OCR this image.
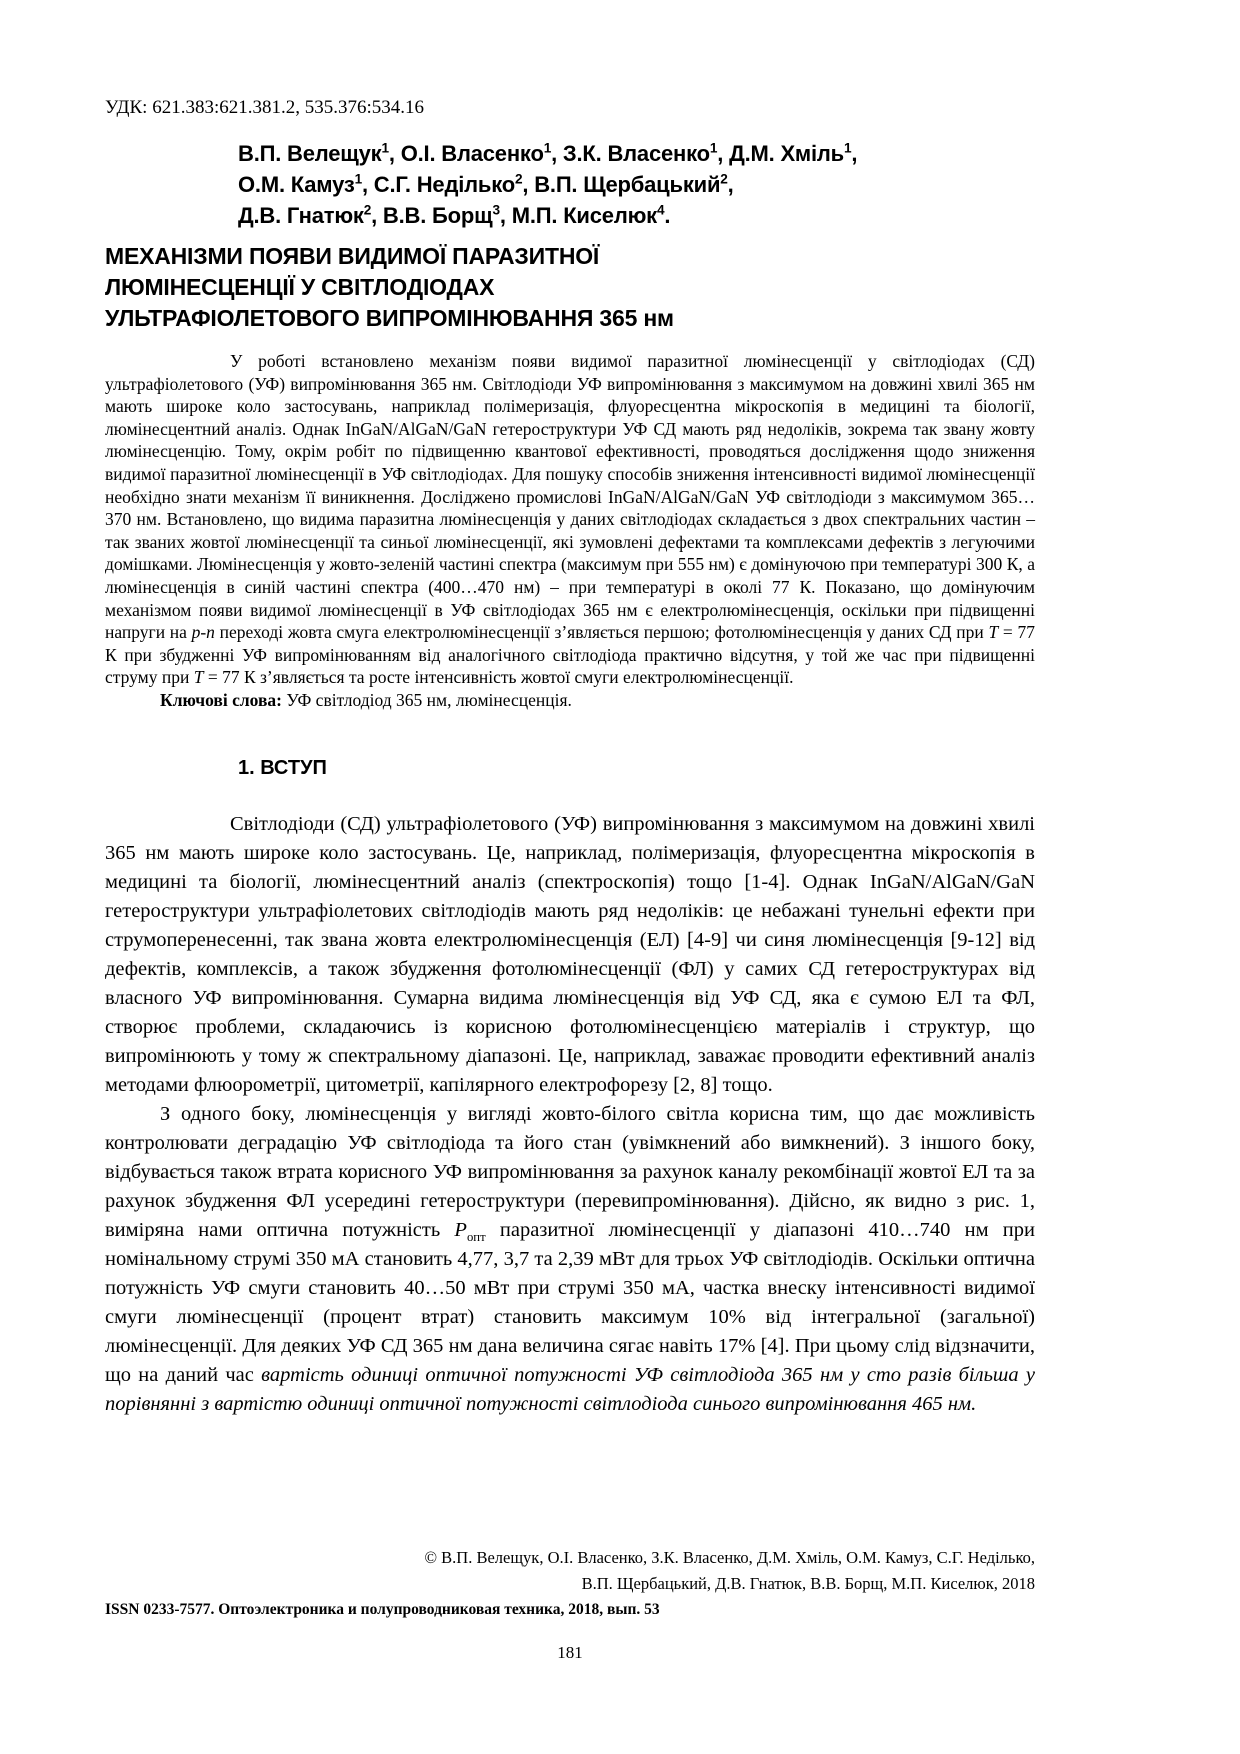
УДК: 621.383:621.381.2, 535.376:534.16

В.П. Велещук$^1$, О.І. Власенко$^1$, З.К. Власенко$^1$, Д.М. Хміль$^1$,

О.М. Камуз$^1$, С.Г. Неділько$^2$, В.П. Щербацький$^2$,

Д.В. Гнатюк$^2$, В.В. Борщ$^3$, М.П. Киселюк$^4$.

МЕХАНІЗМИ ПОЯВИ ВИДИМОЇ ПАРАЗИТНОЇ
ЛЮМІНЕСЦЕНЦІЇ У СВІТЛОДІОДАХ
УЛЬТРАФІОЛЕТОВОГО ВИПРОМІНЮВАННЯ 365 нм

У роботі встановлено механізм появи видимої паразитної люмінесценції у світлодіодах (СД) ультрафіолетового (УФ) випромінювання 365 нм. Світлодіоди УФ випромінювання з максимумом на довжині хвилі 365 нм мають широке коло застосувань, наприклад полімеризація, флуоресцентна мікроскопія в медицині та біології, люмінесцентний аналіз. Однак InGaN/AlGaN/GaN гетероструктури УФ СД мають ряд недоліків, зокрема так звану жовту люмінесценцію. Тому, окрім робіт по підвищенню квантової ефективності, проводяться дослідження щодо зниження видимої паразитної люмінесценції в УФ світлодіодах. Для пошуку способів зниження інтенсивності видимої люмінесценції необхідно знати механізм її виникнення. Досліджено промислові InGaN/AlGaN/GaN УФ світлодіоди з максимумом 365…370 нм. Встановлено, що видима паразитна люмінесценція у даних світлодіодах складається з двох спектральних частин – так званих жовтої люмінесценції та синьої люмінесценції, які зумовлені дефектами та комплексами дефектів з легуючими домішками. Люмінесценція у жовто-зеленій частині спектра (максимум при 555 нм) є домінуючою при температурі 300 К, а люмінесценція в синій частині спектра (400…470 нм) – при температурі в околі 77 К. Показано, що домінуючим механізмом появи видимої люмінесценції в УФ світлодіодах 365 нм є електролюмінесценція, оскільки при підвищенні напруги на p-n переході жовта смуга електролюмінесценції з’являється першою; фотолюмінесценція у даних СД при T = 77 К при збудженні УФ випромінюванням від аналогічного світлодіода практично відсутня, у той же час при підвищенні струму при T = 77 К з’являється та росте інтенсивність жовтої смуги електролюмінесценції.

Ключові слова: УФ світлодіод 365 нм, люмінесценція.

1. ВСТУП

Світлодіоди (СД) ультрафіолетового (УФ) випромінювання з максимумом на довжині хвилі 365 нм мають широке коло застосувань. Це, наприклад, полімеризація, флуоресцентна мікроскопія в медицині та біології, люмінесцентний аналіз (спектроскопія) тощо [1-4]. Однак InGaN/AlGaN/GaN гетероструктури ультрафіолетових світлодіодів мають ряд недоліків: це небажані тунельні ефекти при струмоперенесенні, так звана жовта електролюмінесценція (ЕЛ) [4-9] чи синя люмінесценція [9-12] від дефектів, комплексів, а також збудження фотолюмінесценції (ФЛ) у самих СД гетероструктурах від власного УФ випромінювання. Сумарна видима люмінесценція від УФ СД, яка є сумою ЕЛ та ФЛ, створює проблеми, складаючись із корисною фотолюмінесценцією матеріалів і структур, що випромінюють у тому ж спектральному діапазоні. Це, наприклад, заважає проводити ефективний аналіз методами флюорометрії, цитометрії, капілярного електрофорезу [2, 8] тощо.

З одного боку, люмінесценція у вигляді жовто-білого світла корисна тим, що дає можливість контролювати деградацію УФ світлодіода та його стан (увімкнений або вимкнений). З іншого боку, відбувається також втрата корисного УФ випромінювання за рахунок каналу рекомбінації жовтої ЕЛ та за рахунок збудження ФЛ усередині гетероструктури (перевипромінювання). Дійсно, як видно з рис. 1, виміряна нами оптична потужність $P_{опт}$ паразитної люмінесценції у діапазоні 410…740 нм при номінальному струмі 350 мА становить 4,77, 3,7 та 2,39 мВт для трьох УФ світлодіодів. Оскільки оптична потужність УФ смуги становить 40…50 мВт при струмі 350 мА, частка внеску інтенсивності видимої смуги люмінесценції (процент втрат) становить максимум 10% від інтегральної (загальної) люмінесценції. Для деяких УФ СД 365 нм дана величина сягає навіть 17% [4]. При цьому слід відзначити, що на даний час вартість одиниці оптичної потужності УФ світлодіода 365 нм у сто разів більша у порівнянні з вартістю одиниці оптичної потужності світлодіода синього випромінювання 465 нм.

© В.П. Велещук, О.І. Власенко, З.К. Власенко, Д.М. Хміль, О.М. Камуз, С.Г. Неділько,
В.П. Щербацький, Д.В. Гнатюк, В.В. Борщ, М.П. Киселюк, 2018
ISSN 0233-7577. Оптоэлектроника и полупроводниковая техника, 2018, вып. 53
181
